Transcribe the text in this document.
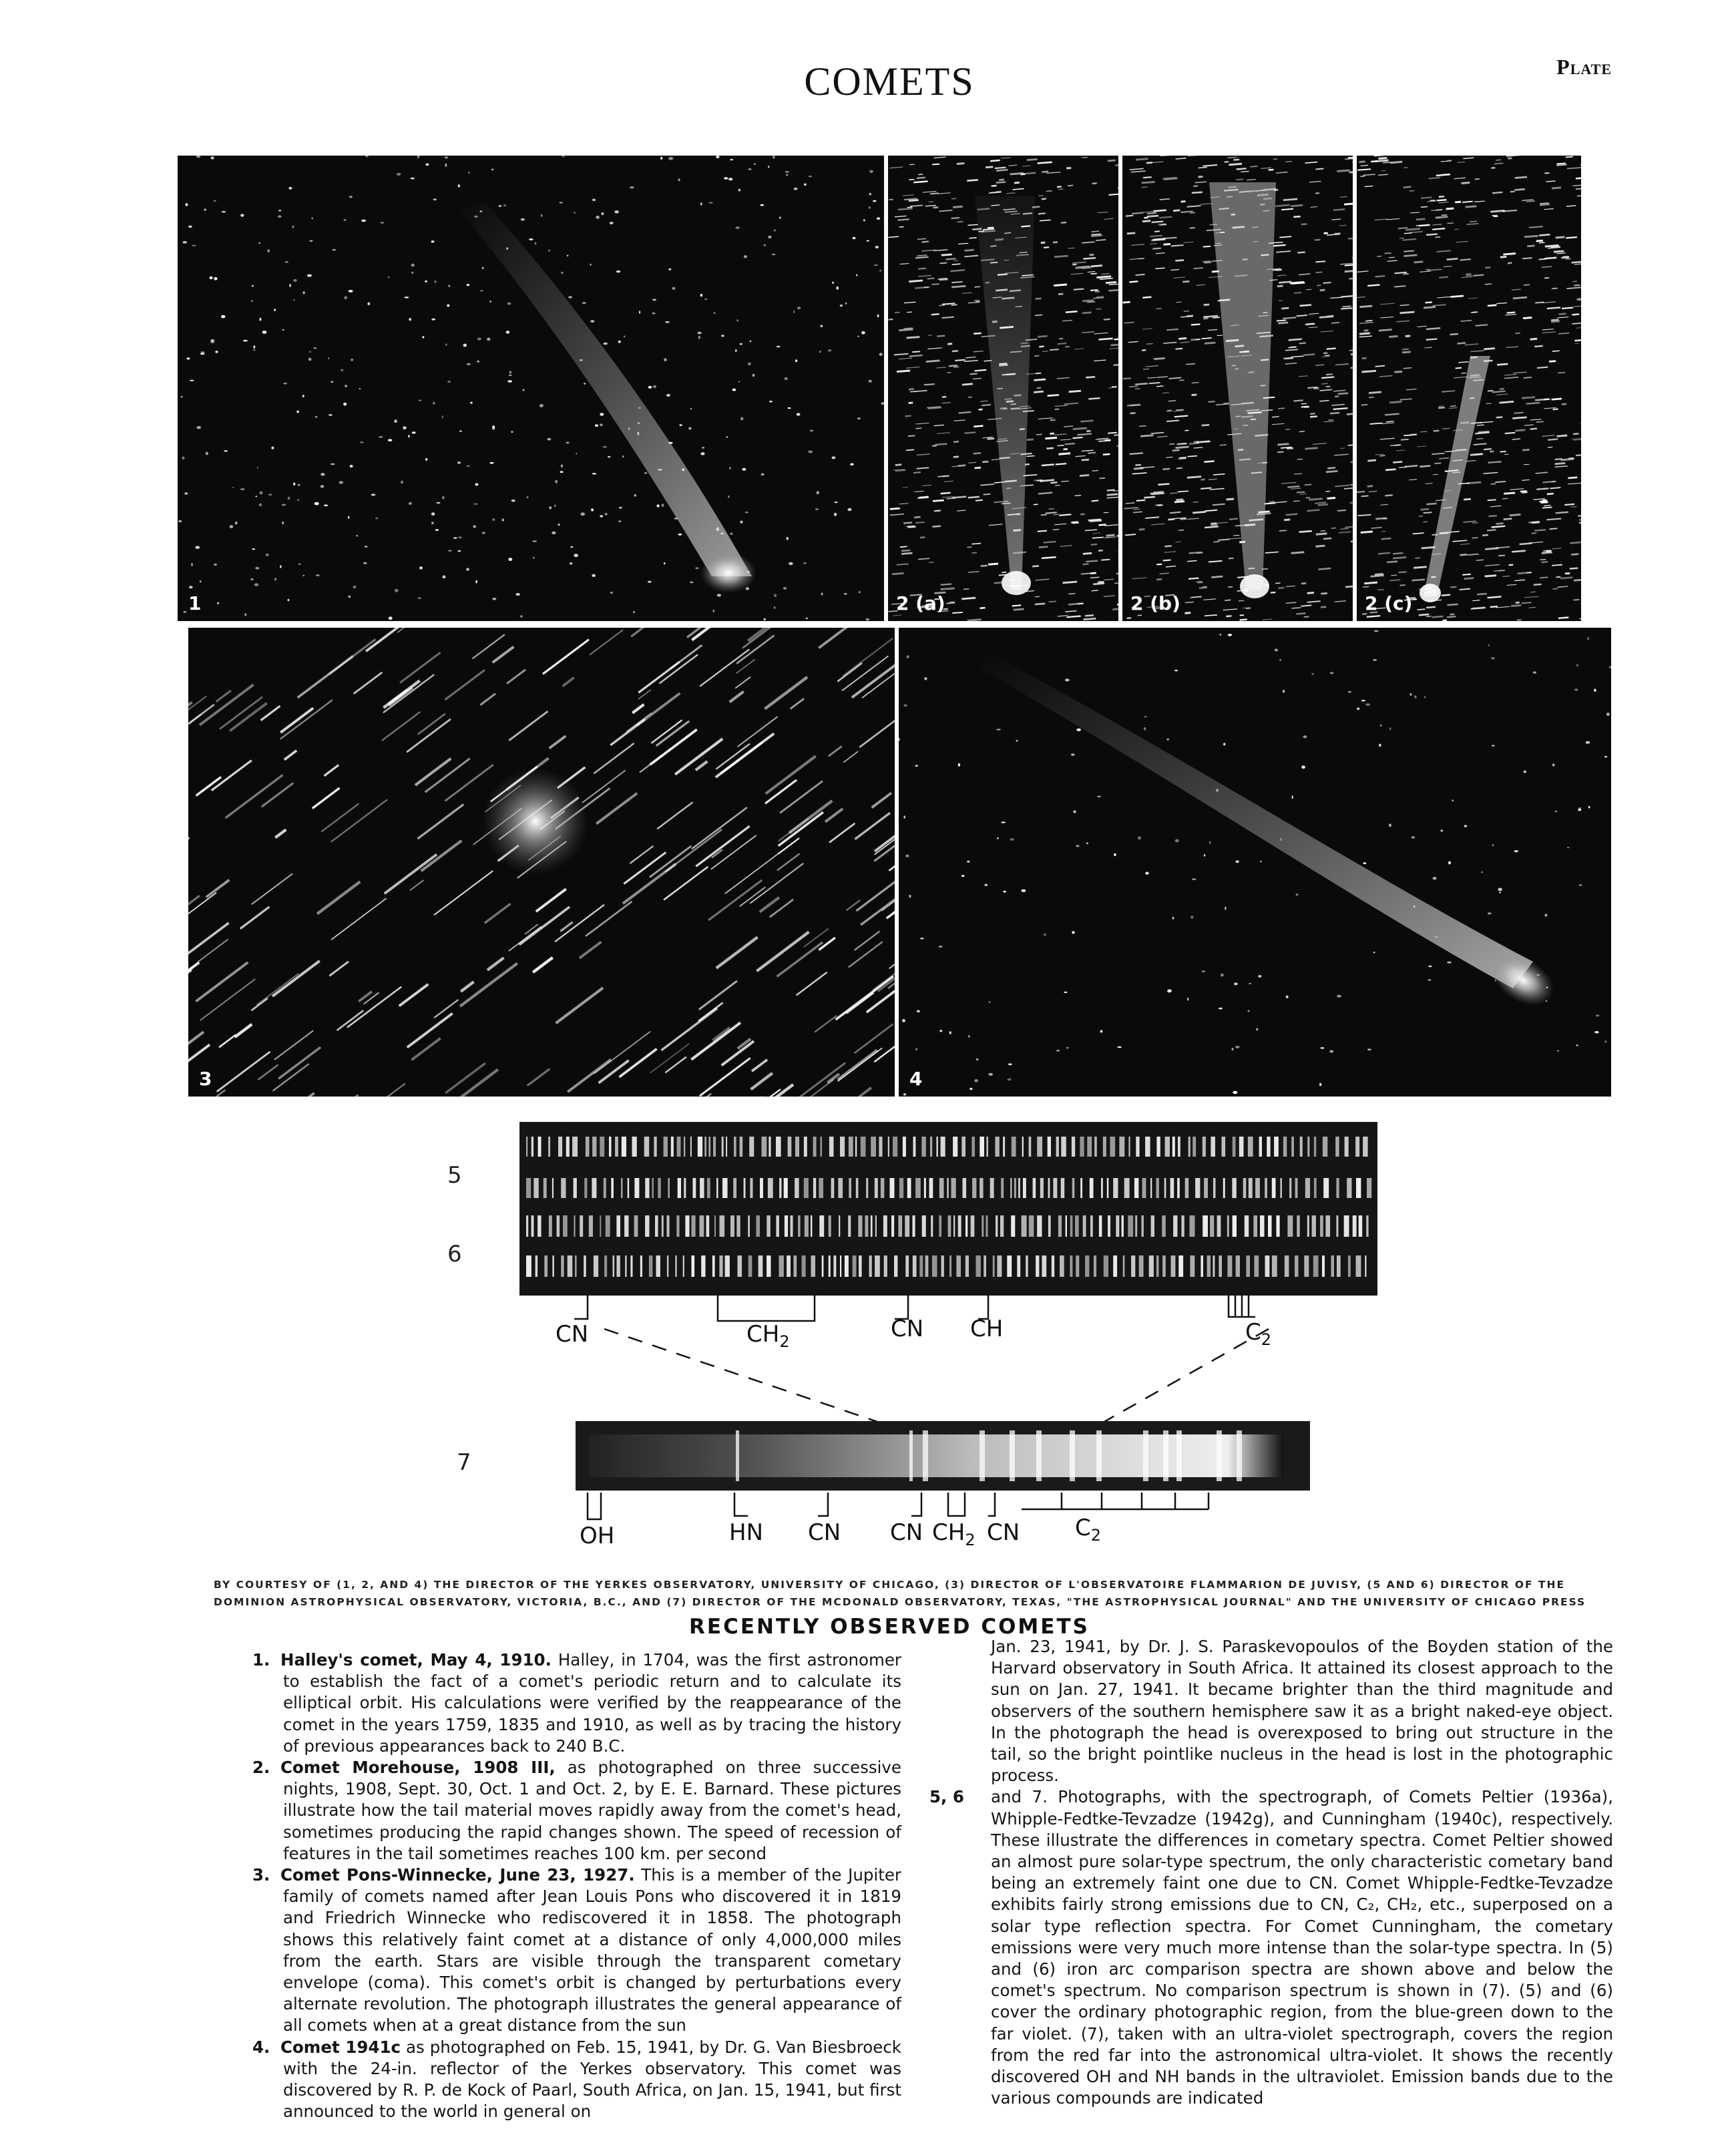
COMETS	Plate
1	2 (a)	2 (b)	2 (c)
3	4
5
6
7
CN	$CH_2$	CN CH	$C_2$
OH	HN CN CN $CH_2$ CN $C_2$
BY COURTESY OF (1, 2, AND 4) THE DIRECTOR OF THE YERKES OBSERVATORY, UNIVERSITY OF CHICAGO, (3) DIRECTOR OF L'OBSERVATOIRE FLAMMARION DE JUVISY, (5 AND 6) DIRECTOR OF THE
DOMINION ASTROPHYSICAL OBSERVATORY, VICTORIA, B.C., AND (7) DIRECTOR OF THE MCDONALD OBSERVATORY, TEXAS, "THE ASTROPHYSICAL JOURNAL" AND THE UNIVERSITY OF CHICAGO PRESS
RECENTLY OBSERVED COMETS

1. Halley's comet, May 4, 1910. Halley, in 1704, was the first astronomer to establish the fact of a comet's periodic return and to calculate its elliptical orbit. His calculations were verified by the reappearance of the comet in the years 1759, 1835 and 1910, as well as by tracing the history of previous appearances back to 240 B.C.

2. Comet Morehouse, 1908 III, as photographed on three successive nights, 1908, Sept. 30, Oct. 1 and Oct. 2, by E. E. Barnard. These pictures illustrate how the tail material moves rapidly away from the comet's head, sometimes producing the rapid changes shown. The speed of recession of features in the tail sometimes reaches 100 km. per second

3. Comet Pons-Winnecke, June 23, 1927. This is a member of the Jupiter family of comets named after Jean Louis Pons who discovered it in 1819 and Friedrich Winnecke who rediscovered it in 1858. The photograph shows this relatively faint comet at a distance of only 4,000,000 miles from the earth. Stars are visible through the transparent cometary envelope (coma). This comet's orbit is changed by perturbations every alternate revolution. The photograph illustrates the general appearance of all comets when at a great distance from the sun

4. Comet 1941c as photographed on Feb. 15, 1941, by Dr. G. Van Biesbroeck with the 24-in. reflector of the Yerkes observatory. This comet was discovered by R. P. de Kock of Paarl, South Africa, on Jan. 15, 1941, but first announced to the world in general on

Jan. 23, 1941, by Dr. J. S. Paraskevopoulos of the Boyden station of the Harvard observatory in South Africa. It attained its closest approach to the sun on Jan. 27, 1941. It became brighter than the third magnitude and observers of the southern hemisphere saw it as a bright naked-eye object. In the photograph the head is overexposed to bring out structure in the tail, so the bright pointlike nucleus in the head is lost in the photographic process.

5, 6 and 7. Photographs, with the spectrograph, of Comets Peltier (1936a), Whipple-Fedtke-Tevzadze (1942g), and Cunningham (1940c), respectively. These illustrate the differences in cometary spectra. Comet Peltier showed an almost pure solar-type spectrum, the only characteristic cometary band being an extremely faint one due to CN. Comet Whipple-Fedtke-Tevzadze exhibits fairly strong emissions due to CN, C₂, CH₂, etc., superposed on a solar type reflection spectra. For Comet Cunningham, the cometary emissions were very much more intense than the solar-type spectra. In (5) and (6) iron arc comparison spectra are shown above and below the comet's spectrum. No comparison spectrum is shown in (7). (5) and (6) cover the ordinary photographic region, from the blue-green down to the far violet. (7), taken with an ultra-violet spectrograph, covers the region from the red far into the astronomical ultra-violet. It shows the recently discovered OH and NH bands in the ultraviolet. Emission bands due to the various compounds are indicated
